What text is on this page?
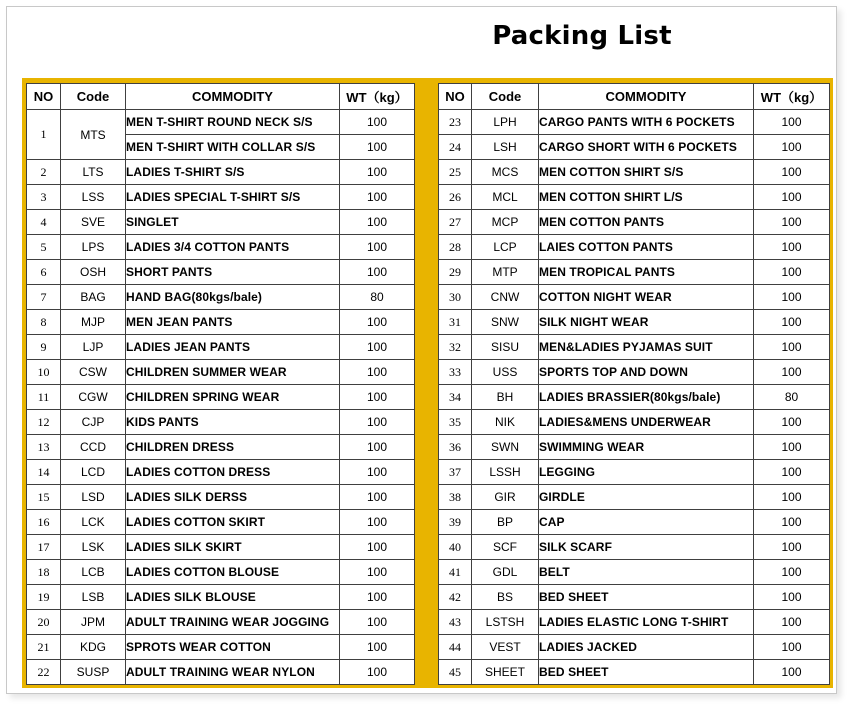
Packing List
NO	Code	COMMODITY	WT（kg）
1	MTS	MEN T-SHIRT ROUND NECK S/S	100
		MEN T-SHIRT WITH COLLAR S/S	100
2	LTS	LADIES T-SHIRT S/S	100
3	LSS	LADIES SPECIAL T-SHIRT S/S	100
4	SVE	SINGLET	100
5	LPS	LADIES 3/4 COTTON PANTS	100
6	OSH	SHORT PANTS	100
7	BAG	HAND BAG(80kgs/bale)	80
8	MJP	MEN JEAN PANTS	100
9	LJP	LADIES JEAN PANTS	100
10	CSW	CHILDREN SUMMER WEAR	100
11	CGW	CHILDREN SPRING WEAR	100
12	CJP	KIDS PANTS	100
13	CCD	CHILDREN DRESS	100
14	LCD	LADIES COTTON DRESS	100
15	LSD	LADIES SILK DERSS	100
16	LCK	LADIES COTTON SKIRT	100
17	LSK	LADIES SILK SKIRT	100
18	LCB	LADIES COTTON BLOUSE	100
19	LSB	LADIES SILK BLOUSE	100
20	JPM	ADULT TRAINING WEAR JOGGING	100
21	KDG	SPROTS WEAR COTTON	100
22	SUSP	ADULT TRAINING WEAR NYLON	100
NO	Code	COMMODITY	WT（kg）
23	LPH	CARGO PANTS WITH 6 POCKETS	100
24	LSH	CARGO SHORT WITH 6 POCKETS	100
25	MCS	MEN COTTON SHIRT S/S	100
26	MCL	MEN COTTON SHIRT L/S	100
27	MCP	MEN COTTON PANTS	100
28	LCP	LAIES COTTON PANTS	100
29	MTP	MEN TROPICAL PANTS	100
30	CNW	COTTON NIGHT WEAR	100
31	SNW	SILK NIGHT WEAR	100
32	SISU	MEN&LADIES PYJAMAS SUIT	100
33	USS	SPORTS TOP AND DOWN	100
34	BH	LADIES BRASSIER(80kgs/bale)	80
35	NIK	LADIES&MENS UNDERWEAR	100
36	SWN	SWIMMING WEAR	100
37	LSSH	LEGGING	100
38	GIR	GIRDLE	100
39	BP	CAP	100
40	SCF	SILK SCARF	100
41	GDL	BELT	100
42	BS	BED SHEET	100
43	LSTSH	LADIES ELASTIC LONG T-SHIRT	100
44	VEST	LADIES JACKED	100
45	SHEET	BED SHEET	100
